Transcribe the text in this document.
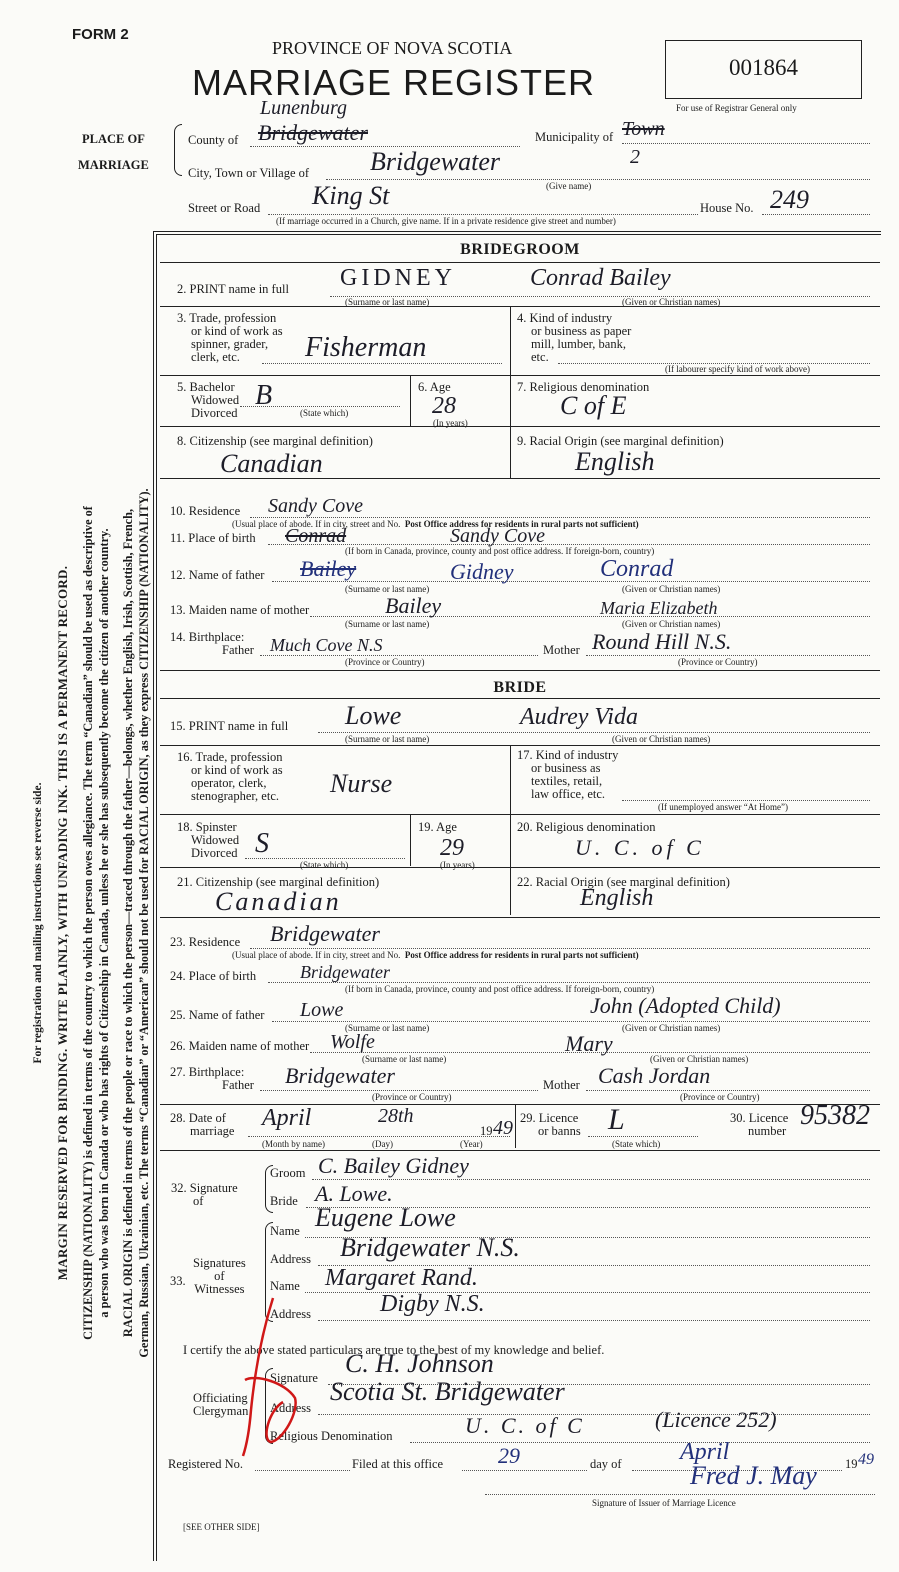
For registration and mailing instructions see reverse side. MARGIN RESERVED FOR BINDING. WRITE PLAINLY, WITH UNFADING INK. THIS IS A PERMANENT RECORD. CITIZENSHIP (NATIONALITY) is defined in terms of the country to which the person owes allegiance. The term “Canadian” should be used as descriptive of a person who was born in Canada or who has rights of Citizenship in Canada, unless he or she has subsequently become the citizen of another country. RACIAL ORIGIN is defined in terms of the people or race to which the person—traced through the father—belongs, whether English, Irish, Scottish, French, German, Russian, Ukrainian, etc. The terms “Canadian” or “American” should not be used for RACIAL ORIGIN, as they express CITIZENSHIP (NATIONALITY).
FORM 2
PROVINCE OF NOVA SCOTIA
MARRIAGE REGISTER	001864
For use of Registrar General only
PLACE OF
MARRIAGE
County of Bridgewater
Lunenburg
Municipality of Town
2
City, Town or Village of Bridgewater
(Give name)
Street or Road King St	House No. 249
(If marriage occurred in a Church, give name. If in a private residence give street and number)
BRIDEGROOM
2. PRINT name in full GIDNEY	Conrad Bailey
(Surname or last name)	(Given or Christian names)
3. Trade, profession
or kind of work as
spinner, grader,
clerk, etc.	Fisherman
4. Kind of industry
or business as paper
mill, lumber, bank,
etc.
(If labourer specify kind of work above)
5. Bachelor
Widowed
Divorced
B
(State which)
6. Age
28
(In years)
7. Religious denomination
C of E
8. Citizenship (see marginal definition)
Canadian
9. Racial Origin (see marginal definition)
English
10. Residence Sandy Cove
(Usual place of abode. If in city, street and No. Post Office address for residents in rural parts not sufficient)
11. Place of birth Conrad	Sandy Cove
(If born in Canada, province, county and post office address. If foreign-born, country)
12. Name of father Bailey	Gidney	Conrad
(Surname or last name)	(Given or Christian names)
13. Maiden name of mother	Bailey	Maria Elizabeth
(Surname or last name)	(Given or Christian names)
14. Birthplace:
Father Much Cove N.S	Mother Round Hill N.S.
(Province or Country)	(Province or Country)
BRIDE
15. PRINT name in full Lowe	Audrey Vida
(Surname or last name)	(Given or Christian names)
16. Trade, profession
or kind of work as
operator, clerk,
stenographer, etc. Nurse
17. Kind of industry
or business as
textiles, retail,
law office, etc.
(If unemployed answer “At Home”)
18. Spinster
Widowed
Divorced S
(State which)
19. Age
29
(In years)
20. Religious denomination
U. C. of C
21. Citizenship (see marginal definition)
Canadian
22. Racial Origin (see marginal definition)
English
23. Residence Bridgewater
(Usual place of abode. If in city, street and No. Post Office address for residents in rural parts not sufficient)
24. Place of birth Bridgewater
(If born in Canada, province, county and post office address. If foreign-born, country)
25. Name of father Lowe	John (Adopted Child)
(Surname or last name)	(Given or Christian names)
26. Maiden name of mother Wolfe	Mary
(Surname or last name)	(Given or Christian names)
27. Birthplace:
Father Bridgewater	Mother Cash Jordan
(Province or Country)	(Province or Country)
28. Date of
marriage April	28th
19 49
(Month by name)	(Day)	(Year)
29. Licence
or banns L
(State which)
30. Licence
number 95382
32. Signature
of
Groom C. Bailey Gidney
Bride A. Lowe.
33.
Signatures
of
Witnesses
Name Eugene Lowe
Address Bridgewater N.S.
Name Margaret Rand.
Address	Digby N.S.
I certify the above stated particulars are true to the best of my knowledge and belief.
Officiating
Clergyman
Signature C. H. Johnson
Address
Scotia St. Bridgewater
Religious Denomination	U. C. of C	(Licence 252)
Registered No.	Filed at this office 29	day of April	19 49
Fred J. May
Signature of Issuer of Marriage Licence
[SEE OTHER SIDE]
